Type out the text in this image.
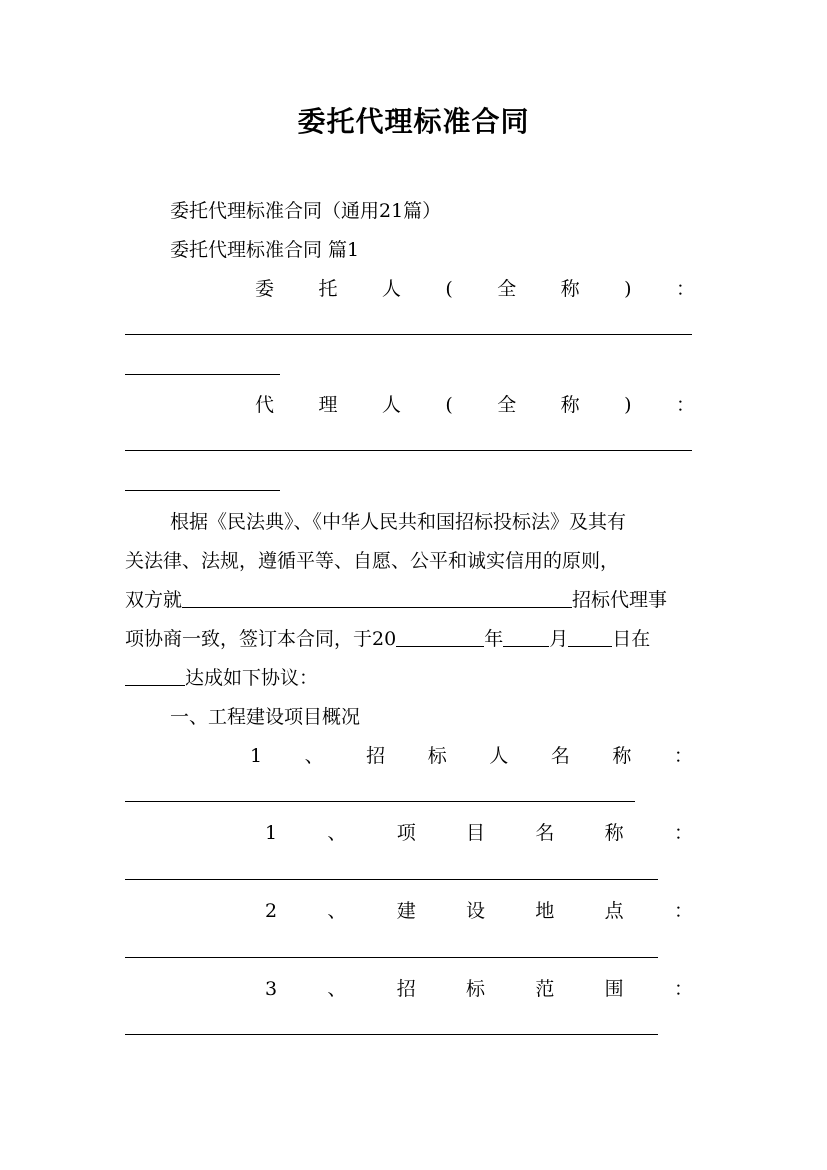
委托代理标准合同
委托代理标准合同（通用21篇）
委托代理标准合同 篇1
委 托 人 ( 全 称 ) ：
代 理 人 ( 全 称 ) ：
根据《民法典》、《中华人民共和国招标投标法》及其有
关法律、法规，遵循平等、自愿、公平和诚实信用的原则，
双方就	招标代理事
项协商一致，签订本合同，于20	年 月 日在
达成如下协议：
一、工程建设项目概况
1 、 招 标 人 名 称 ：
1	、	项	目	名	称	：
2	、	建	设	地	点	：
3	、	招	标	范	围	：
